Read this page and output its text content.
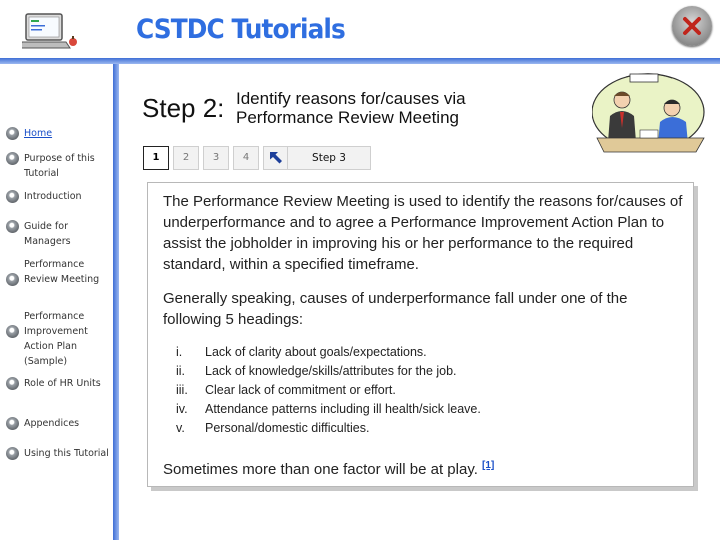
CSTDC Tutorials
Home
Purpose of this Tutorial
Introduction
Guide for Managers
Performance Review Meeting
Performance Improvement Action Plan (Sample)
Role of HR Units
Appendices
Using this Tutorial
Step 2: Identify reasons for/causes via Performance Review Meeting
1	2	3	4	Step 3

The Performance Review Meeting is used to identify the reasons for/causes of underperformance and to agree a Performance Improvement Action Plan to assist the jobholder in improving his or her performance to the required standard, within a specified timeframe.

Generally speaking, causes of underperformance fall under one of the following 5 headings:

i.	Lack of clarity about goals/expectations.
ii.	Lack of knowledge/skills/attributes for the job.
iii.	Clear lack of commitment or effort.
iv.	Attendance patterns including ill health/sick leave.
v.	Personal/domestic difficulties.

Sometimes more than one factor will be at play. [1]
